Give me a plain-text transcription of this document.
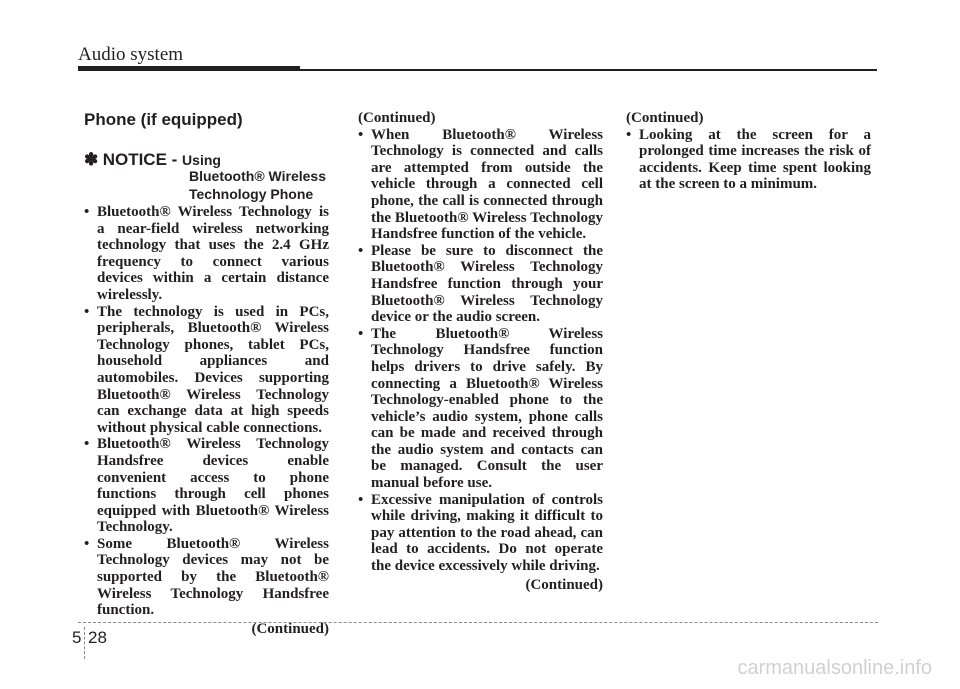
Audio system
Phone (if equipped)
✽ NOTICE - Using
Bluetooth® Wireless
Technology Phone

• Bluetooth® Wireless Technology is a near-field wireless networking technology that uses the 2.4 GHz frequency to connect various devices within a certain distance wirelessly.

• The technology is used in PCs, peripherals, Bluetooth® Wireless Technology phones, tablet PCs, household appliances and automobiles. Devices supporting Bluetooth® Wireless Technology can exchange data at high speeds without physical cable connections.

• Bluetooth® Wireless Technology Handsfree devices enable convenient access to phone functions through cell phones equipped with Bluetooth® Wireless Technology.

• Some Bluetooth® Wireless Technology devices may not be supported by the Bluetooth® Wireless Technology Handsfree function.

(Continued)

(Continued)

• When Bluetooth® Wireless Technology is connected and calls are attempted from outside the vehicle through a connected cell phone, the call is connected through the Bluetooth® Wireless Technology Handsfree function of the vehicle.

• Please be sure to disconnect the Bluetooth® Wireless Technology Handsfree function through your Bluetooth® Wireless Technology device or the audio screen.

• The Bluetooth® Wireless Technology Handsfree function helps drivers to drive safely. By connecting a Bluetooth® Wireless Technology-enabled phone to the vehicle’s audio system, phone calls can be made and received through the audio system and contacts can be managed. Consult the user manual before use.

• Excessive manipulation of controls while driving, making it difficult to pay attention to the road ahead, can lead to accidents. Do not operate the device excessively while driving.

(Continued)

(Continued)

• Looking at the screen for a prolonged time increases the risk of accidents. Keep time spent looking at the screen to a minimum.

5 28
carmanualsonline.info
